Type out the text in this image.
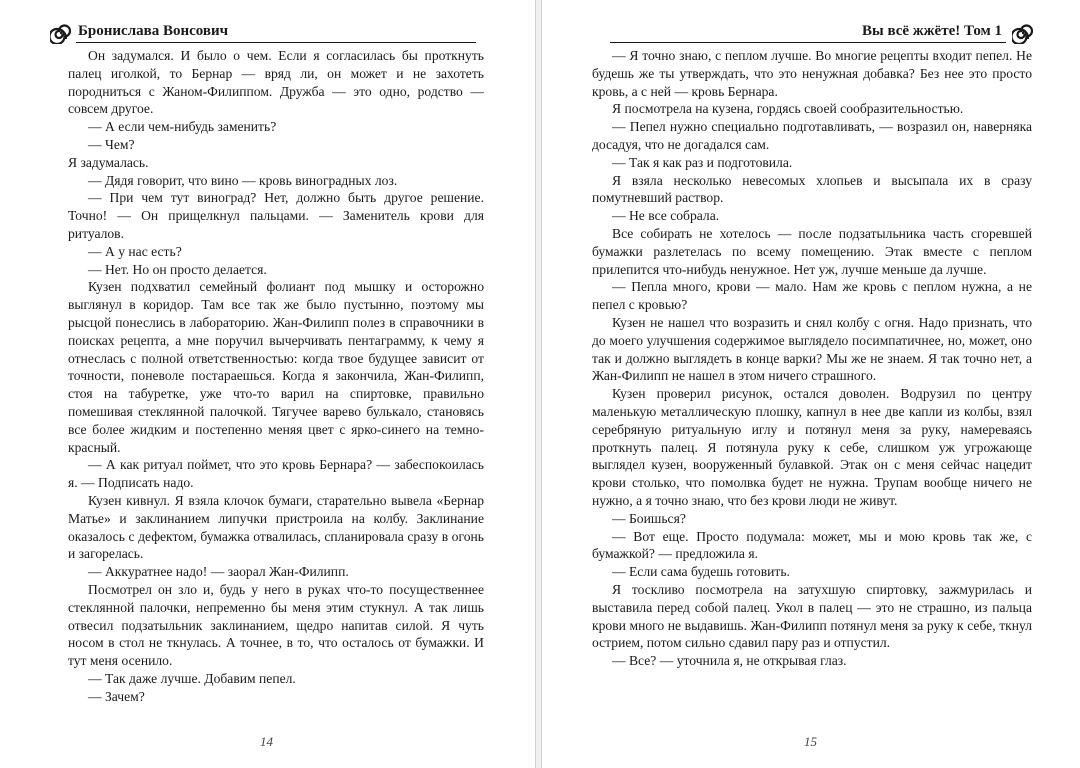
Бронислава Вонсович

Он задумался. И было о чем. Если я согласилась бы проткнуть палец иголкой, то Бернар — вряд ли, он может и не захотеть породниться с Жаном-Филиппом. Дружба — это одно, родство — совсем другое.

— А если чем-нибудь заменить?

— Чем?

Я задумалась.

— Дядя говорит, что вино — кровь виноградных лоз.

— При чем тут виноград? Нет, должно быть другое решение. Точно! — Он прищелкнул пальцами. — Заменитель крови для ритуалов.

— А у нас есть?

— Нет. Но он просто делается.

Кузен подхватил семейный фолиант под мышку и осторожно выглянул в коридор. Там все так же было пустынно, поэтому мы рысцой понеслись в лабораторию. Жан-Филипп полез в справочники в поисках рецепта, а мне поручил вычерчивать пентаграмму, к чему я отнеслась с полной ответственностью: когда твое будущее зависит от точности, поневоле постараешься. Когда я закончила, Жан-Филипп, стоя на табуретке, уже что-то варил на спиртовке, правильно помешивая стеклянной палочкой. Тягучее варево булькало, становясь все более жидким и постепенно меняя цвет с ярко-синего на темно-красный.

— А как ритуал поймет, что это кровь Бернара? — забеспокоилась я. — Подписать надо.

Кузен кивнул. Я взяла клочок бумаги, старательно вывела «Бернар Матье» и заклинанием липучки пристроила на колбу. Заклинание оказалось с дефектом, бумажка отвалилась, спланировала сразу в огонь и загорелась.

— Аккуратнее надо! — заорал Жан-Филипп.

Посмотрел он зло и, будь у него в руках что-то посущественнее стеклянной палочки, непременно бы меня этим стукнул. А так лишь отвесил подзатыльник заклинанием, щедро напитав силой. Я чуть носом в стол не ткнулась. А точнее, в то, что осталось от бумажки. И тут меня осенило.

— Так даже лучше. Добавим пепел.

— Зачем?

14
Вы всё жжёте! Том 1

— Я точно знаю, с пеплом лучше. Во многие рецепты входит пепел. Не будешь же ты утверждать, что это ненужная добавка? Без нее это просто кровь, а с ней — кровь Бернара.

Я посмотрела на кузена, гордясь своей сообразительностью.

— Пепел нужно специально подготавливать, — возразил он, наверняка досадуя, что не догадался сам.

— Так я как раз и подготовила.

Я взяла несколько невесомых хлопьев и высыпала их в сразу помутневший раствор.

— Не все собрала.

Все собирать не хотелось — после подзатыльника часть сгоревшей бумажки разлетелась по всему помещению. Этак вместе с пеплом прилепится что-нибудь ненужное. Нет уж, лучше меньше да лучше.

— Пепла много, крови — мало. Нам же кровь с пеплом нужна, а не пепел с кровью?

Кузен не нашел что возразить и снял колбу с огня. Надо признать, что до моего улучшения содержимое выглядело посимпатичнее, но, может, оно так и должно выглядеть в конце варки? Мы же не знаем. Я так точно нет, а Жан-Филипп не нашел в этом ничего страшного.

Кузен проверил рисунок, остался доволен. Водрузил по центру маленькую металлическую плошку, капнул в нее две капли из колбы, взял серебряную ритуальную иглу и потянул меня за руку, намереваясь проткнуть палец. Я потянула руку к себе, слишком уж угрожающе выглядел кузен, вооруженный булавкой. Этак он с меня сейчас нацедит крови столько, что помолвка будет не нужна. Трупам вообще ничего не нужно, а я точно знаю, что без крови люди не живут.

— Боишься?

— Вот еще. Просто подумала: может, мы и мою кровь так же, с бумажкой? — предложила я.

— Если сама будешь готовить.

Я тоскливо посмотрела на затухшую спиртовку, зажмурилась и выставила перед собой палец. Укол в палец — это не страшно, из пальца крови много не выдавишь. Жан-Филипп потянул меня за руку к себе, ткнул острием, потом сильно сдавил пару раз и отпустил.

— Все? — уточнила я, не открывая глаз.

15
